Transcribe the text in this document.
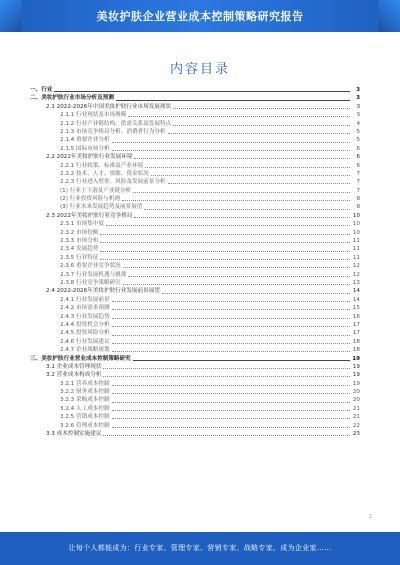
美妆护肤企业营业成本控制策略研究报告
内容目录
一、行业	3
二、美妆护肤行业市场分析及预测	3
2.1 2022-2026年中国美妆护肤行业市场发展现状	3
2.1.1 行业现状及市场规模	3
2.1.2 行业产业链结构、供需关系及发展特点	4
2.1.3 市场竞争格局分析、消费者行为分析	5
2.1.4 重要企业分析	5
2.1.5 国际市场分析	6
2.2 2022年美妆护肤行业发展环境	6
2.2.1 行业政策、标准及产业环境	6
2.2.2 技术、人才、资源、资金状况	7
2.2.3 行业进入壁垒、风险及发展前景分析	7
(1) 行业上下游及产业链分析	7
(2) 行业投资风险与机遇	8
(3) 行业未来发展趋势及前景展望	8
2.3 2022年美妆护肤行业竞争格局	10
2.3.1 市场集中度	10
2.3.2 市场份额	10
2.3.3 市场分布	11
2.3.4 发展趋势	11
2.3.5 行业特征	11
2.3.6 重要企业竞争状况	12
2.3.7 行业发展机遇与挑战	12
2.3.8 行业竞争策略研究	13
2.4 2022-2026年美妆护肤行业发展前景展望	14
2.4.1 行业发展前景	14
2.4.2 市场需求预测	15
2.4.3 行业发展趋势	16
2.4.4 投资机会分析	17
2.4.5 投资风险分析	17
2.4.6 行业发展建议	18
2.4.7 企业战略规划	18
三、美妆护肤行业营业成本控制策略研究	19
3.1 企业成本管理现状	19
3.2 营业成本构成分析	19
3.2.1 营养成本控制	19
3.2.2 财务成本控制	20
3.2.3 采购成本控制	20
3.2.4 人工成本控制	21
3.2.5 营销成本控制	21
3.2.6 管理成本控制	22
3.3 成本控制实施建议	23
2
让每个人都能成为：行业专家、管理专家、营销专家、战略专家、成为企业家……
